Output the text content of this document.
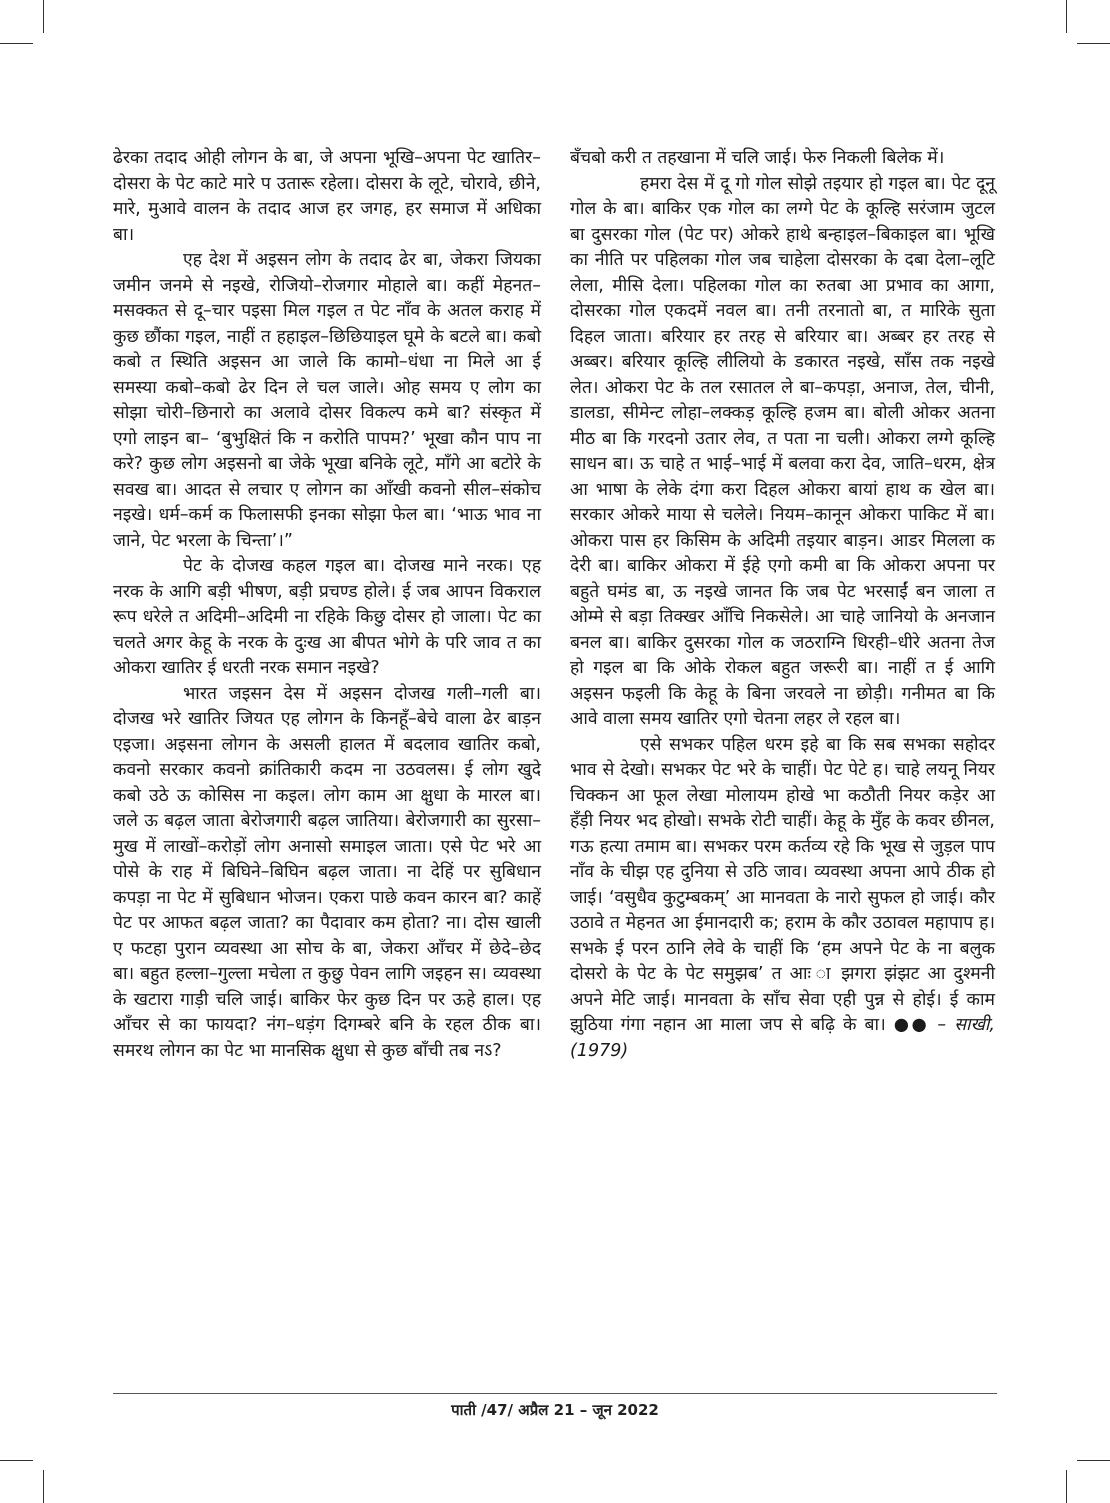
ढेरका तदाद ओही लोगन के बा, जे अपना भूखि–अपना पेट खातिर–दोसरा के पेट काटे मारे प उतारू रहेला। दोसरा के लूटे, चोरावे, छीने, मारे, मुआवे वालन के तदाद आज हर जगह, हर समाज में अधिका बा।

एह देश में अइसन लोग के तदाद ढेर बा, जेकरा जियका जमीन जनमे से नइखे, रोजियो–रोजगार मोहाले बा। कहीं मेहनत–मसक्कत से दू–चार पइसा मिल गइल त पेट नाँव के अतल कराह में कुछ छौंका गइल, नाहीं त हहाइल–छिछियाइल घूमे के बटले बा। कबो कबो त स्थिति अइसन आ जाले कि कामो–धंधा ना मिले आ ई समस्या कबो–कबो ढेर दिन ले चल जाले। ओह समय ए लोग का सोझा चोरी–छिनारो का अलावे दोसर विकल्प कमे बा? संस्कृत में एगो लाइन बा– ‘बुभुक्षितं कि न करोति पापम?’ भूखा कौन पाप ना करे? कुछ लोग अइसनो बा जेके भूखा बनिके लूटे, माँगे आ बटोरे के सवख बा। आदत से लचार ए लोगन का आँखी कवनो सील–संकोच नइखे। धर्म–कर्म क फिलासफी इनका सोझा फेल बा। ‘भाऊ भाव ना जाने, पेट भरला के चिन्ता’।”

पेट के दोजख कहल गइल बा। दोजख माने नरक। एह नरक के आगि बड़ी भीषण, बड़ी प्रचण्ड होले। ई जब आपन विकराल रूप धरेले त अदिमी–अदिमी ना रहिके किछु दोसर हो जाला। पेट का चलते अगर केहू के नरक के दुःख आ बीपत भोगे के परि जाव त का ओकरा खातिर ई धरती नरक समान नइखे?

भारत जइसन देस में अइसन दोजख गली–गली बा। दोजख भरे खातिर जियत एह लोगन के किनहूँ–बेचे वाला ढेर बाड़न एइजा। अइसना लोगन के असली हालत में बदलाव खातिर कबो, कवनो सरकार कवनो क्रांतिकारी कदम ना उठवलस। ई लोग खुदे कबो उठे ऊ कोसिस ना कइल। लोग काम आ क्षुधा के मारल बा। जले ऊ बढ़ल जाता बेरोजगारी बढ़ल जातिया। बेरोजगारी का सुरसा–मुख में लाखों–करोड़ों लोग अनासो समाइल जाता। एसे पेट भरे आ पोसे के राह में बिघिने–बिघिन बढ़ल जाता। ना देहिं पर सुबिधान कपड़ा ना पेट में सुबिधान भोजन। एकरा पाछे कवन कारन बा? काहें पेट पर आफत बढ़ल जाता? का पैदावार कम होता? ना। दोस खाली ए फटहा पुरान व्यवस्था आ सोच के बा, जेकरा आँचर में छेदे–छेद बा। बहुत हल्ला–गुल्ला मचेला त कुछु पेवन लागि जइहन स। व्यवस्था के खटारा गाड़ी चलि जाई। बाकिर फेर कुछ दिन पर ऊहे हाल। एह आँचर से का फायदा? नंग–धड़ंग दिगम्बरे बनि के रहल ठीक बा। समरथ लोगन का पेट भा मानसिक क्षुधा से कुछ बाँची तब नऽ?

बँचबो करी त तहखाना में चलि जाई। फेरु निकली बिलेक में।

हमरा देस में दू गो गोल सोझे तइयार हो गइल बा। पेट दूनू गोल के बा। बाकिर एक गोल का लग्गे पेट के कूल्हि सरंजाम जुटल बा दुसरका गोल (पेट पर) ओकरे हाथे बन्हाइल–बिकाइल बा। भूखि का नीति पर पहिलका गोल जब चाहेला दोसरका के दबा देला–लूटि लेला, मीसि देला। पहिलका गोल का रुतबा आ प्रभाव का आगा, दोसरका गोल एकदमें नवल बा। तनी तरनातो बा, त मारिके सुता दिहल जाता। बरियार हर तरह से बरियार बा। अब्बर हर तरह से अब्बर। बरियार कूल्हि लीलियो के डकारत नइखे, साँस तक नइखे लेत। ओकरा पेट के तल रसातल ले बा–कपड़ा, अनाज, तेल, चीनी, डालडा, सीमेन्ट लोहा–लक्कड़ कूल्हि हजम बा। बोली ओकर अतना मीठ बा कि गरदनो उतार लेव, त पता ना चली। ओकरा लग्गे कूल्हि साधन बा। ऊ चाहे त भाई–भाई में बलवा करा देव, जाति–धरम, क्षेत्र आ भाषा के लेके दंगा करा दिहल ओकरा बायां हाथ क खेल बा। सरकार ओकरे माया से चलेले। नियम–कानून ओकरा पाकिट में बा। ओकरा पास हर किसिम के अदिमी तइयार बाड़न। आडर मिलला क देरी बा। बाकिर ओकरा में ईहे एगो कमी बा कि ओकरा अपना पर बहुते घमंड बा, ऊ नइखे जानत कि जब पेट भरसाईं बन जाला त ओम्मे से बड़ा तिक्खर आँचि निकसेले। आ चाहे जानियो के अनजान बनल बा। बाकिर दुसरका गोल क जठराग्नि धिरही–धीरे अतना तेज हो गइल बा कि ओके रोकल बहुत जरूरी बा। नाहीं त ई आगि अइसन फइली कि केहू के बिना जरवले ना छोड़ी। गनीमत बा कि आवे वाला समय खातिर एगो चेतना लहर ले रहल बा।

एसे सभकर पहिल धरम इहे बा कि सब सभका सहोदर भाव से देखो। सभकर पेट भरे के चाहीं। पेट पेटे ह। चाहे लयनू नियर चिक्कन आ फूल लेखा मोलायम होखे भा कठौती नियर कड़ेर आ हँड़ी नियर भद होखो। सभके रोटी चाहीं। केहू के मुँह के कवर छीनल, गऊ हत्या तमाम बा। सभकर परम कर्तव्य रहे कि भूख से जुड़ल पाप नाँव के चीझ एह दुनिया से उठि जाव। व्यवस्था अपना आपे ठीक हो जाई। ‘वसुधैव कुटुम्बकम्’ आ मानवता के नारो सुफल हो जाई। कौर उठावे त मेहनत आ ईमानदारी क; हराम के कौर उठावल महापाप ह। सभके ई परन ठानि लेवे के चाहीं कि ‘हम अपने पेट के ना बलुक दोसरो के पेट के पेट समुझब’ त आः ा झगरा झंझट आ दुश्मनी अपने मेटि जाई। मानवता के साँच सेवा एही पुन्न से होई। ई काम झुठिया गंगा नहान आ माला जप से बढ़ि के बा। ●● – साखी, (1979)

पाती /47/ अप्रैल 21 – जून 2022
